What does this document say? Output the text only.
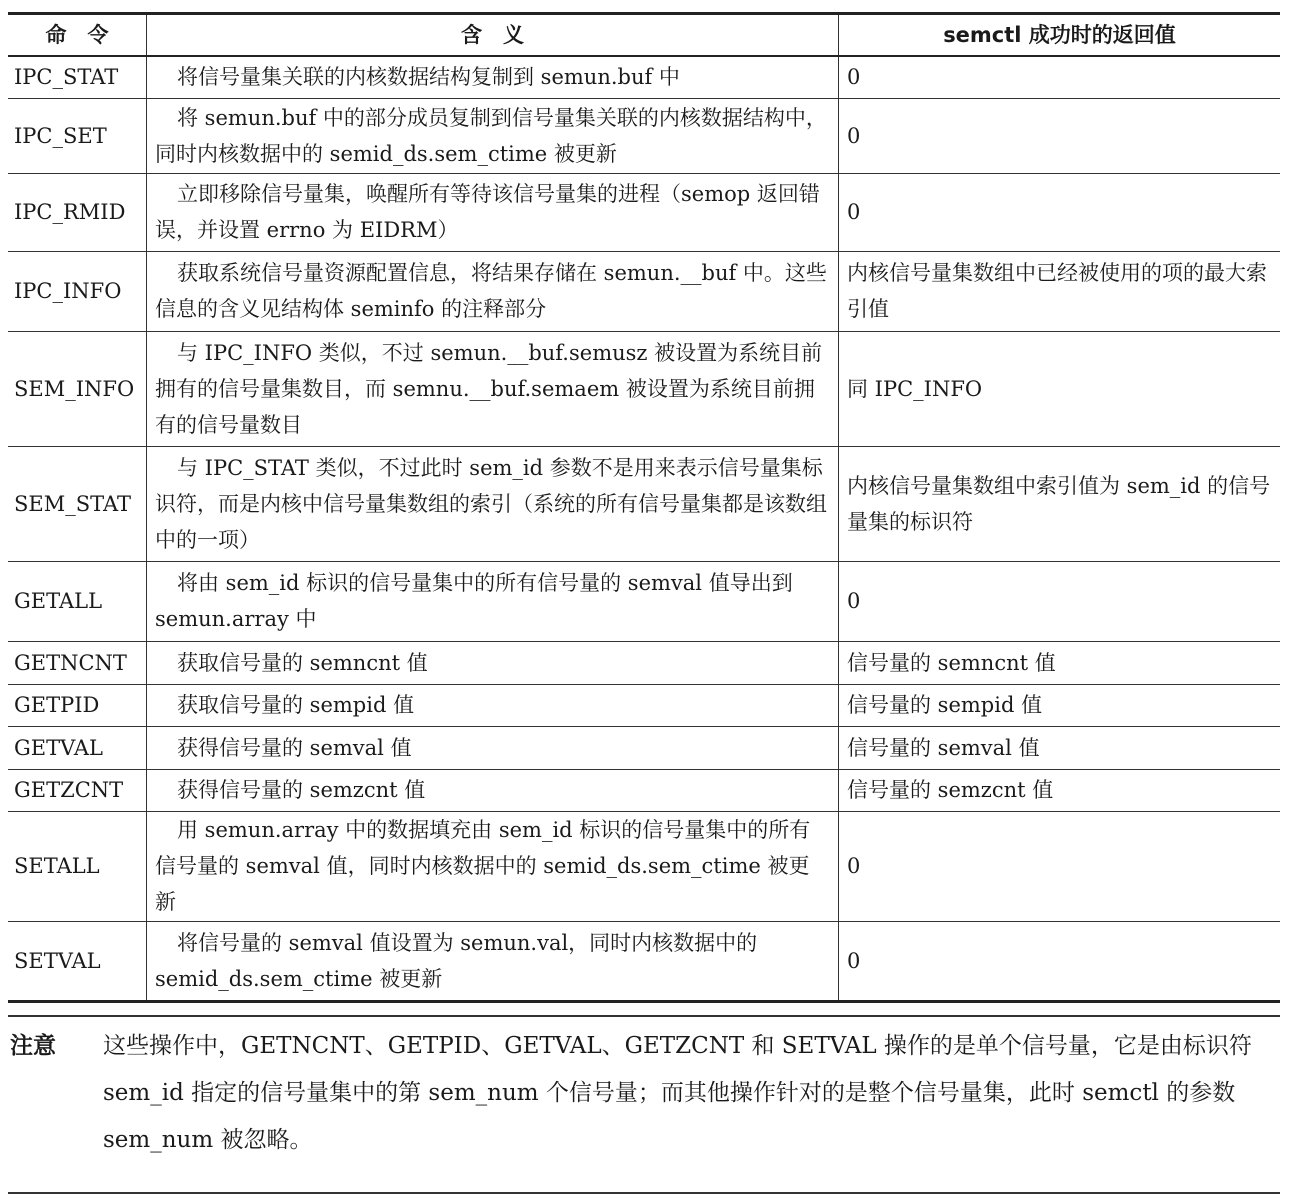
命　令	含　义	semctl 成功时的返回值
IPC_STAT	将信号量集关联的内核数据结构复制到 semun.buf 中	0
IPC_SET	将 semun.buf 中的部分成员复制到信号量集关联的内核数据结构中，同时内核数据中的 semid_ds.sem_ctime 被更新	0
IPC_RMID	立即移除信号量集，唤醒所有等待该信号量集的进程（semop 返回错误，并设置 errno 为 EIDRM）	0
IPC_INFO	获取系统信号量资源配置信息，将结果存储在 semun.__buf 中。这些信息的含义见结构体 seminfo 的注释部分	内核信号量集数组中已经被使用的项的最大索引值
SEM_INFO	与 IPC_INFO 类似，不过 semun.__buf.semusz 被设置为系统目前拥有的信号量集数目，而 semnu.__buf.semaem 被设置为系统目前拥有的信号量数目	同 IPC_INFO
SEM_STAT	与 IPC_STAT 类似，不过此时 sem_id 参数不是用来表示信号量集标识符，而是内核中信号量集数组的索引（系统的所有信号量集都是该数组中的一项）	内核信号量集数组中索引值为 sem_id 的信号量集的标识符
GETALL	将由 sem_id 标识的信号量集中的所有信号量的 semval 值导出到 semun.array 中	0
GETNCNT	获取信号量的 semncnt 值	信号量的 semncnt 值
GETPID	获取信号量的 sempid 值	信号量的 sempid 值
GETVAL	获得信号量的 semval 值	信号量的 semval 值
GETZCNT	获得信号量的 semzcnt 值	信号量的 semzcnt 值
SETALL	用 semun.array 中的数据填充由 sem_id 标识的信号量集中的所有信号量的 semval 值，同时内核数据中的 semid_ds.sem_ctime 被更新	0
SETVAL	将信号量的 semval 值设置为 semun.val，同时内核数据中的 semid_ds.sem_ctime 被更新	0
注意 这些操作中，GETNCNT、GETPID、GETVAL、GETZCNT 和 SETVAL 操作的是单个信号量，它是由标识符 sem_id 指定的信号量集中的第 sem_num 个信号量；而其他操作针对的是整个信号量集，此时 semctl 的参数 sem_num 被忽略。
